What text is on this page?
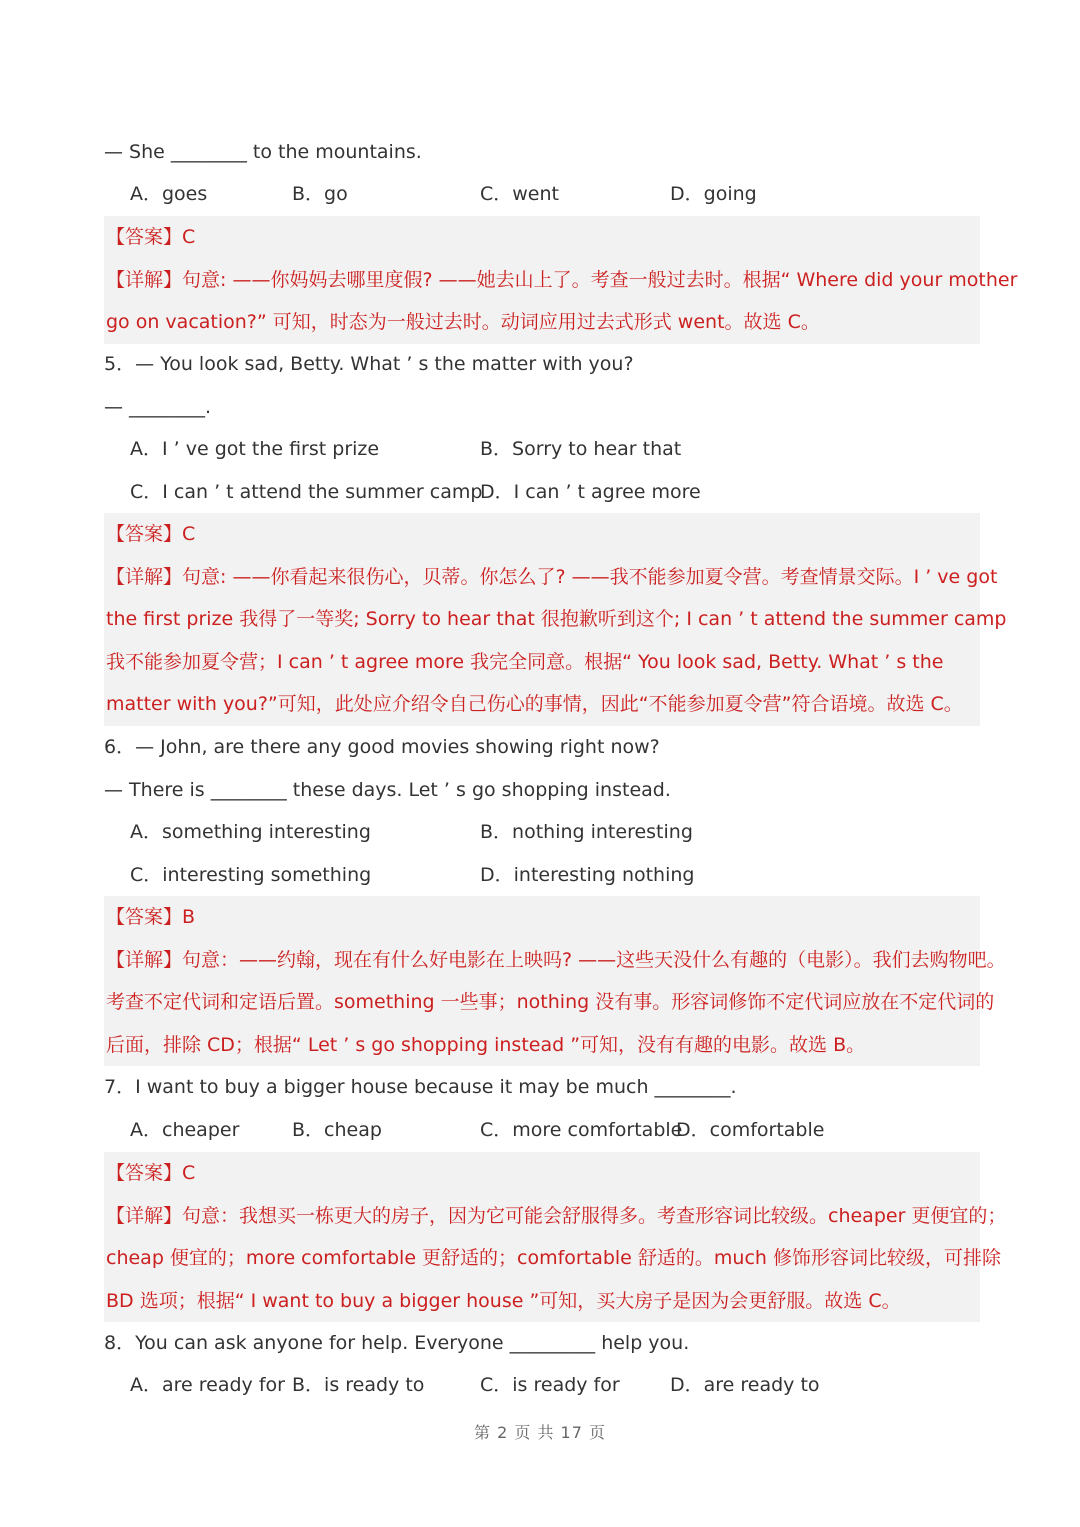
— She ________ to the mountains.
A．goes	B．go	C．went	D．going
【答案】C
【详解】句意: ——你妈妈去哪里度假? ——她去山上了。考查一般过去时。根据“ Where did your mother
go on vacation?” 可知，时态为一般过去时。动词应用过去式形式 went。故选 C。
5．— You look sad, Betty. What ’ s the matter with you?
— ________.
A．I ’ ve got the first prize	B．Sorry to hear that
C．I can ’ t attend the summer camp
D．I can ’ t agree more
【答案】C
【详解】句意: ——你看起来很伤心，贝蒂。你怎么了? ——我不能参加夏令营。考查情景交际。I ’ ve got
the first prize 我得了一等奖; Sorry to hear that 很抱歉听到这个; I can ’ t attend the summer camp
我不能参加夏令营；I can ’ t agree more 我完全同意。根据“ You look sad, Betty. What ’ s the
matter with you?”可知，此处应介绍令自己伤心的事情，因此“不能参加夏令营”符合语境。故选 C。
6．— John, are there any good movies showing right now?
— There is ________ these days. Let ’ s go shopping instead.
A．something interesting	B．nothing interesting
C．interesting something	D．interesting nothing
【答案】B
【详解】句意：——约翰，现在有什么好电影在上映吗? ——这些天没什么有趣的（电影）。我们去购物吧。
考查不定代词和定语后置。something 一些事；nothing 没有事。形容词修饰不定代词应放在不定代词的
后面，排除 CD；根据“ Let ’ s go shopping instead ”可知，没有有趣的电影。故选 B。
7．I want to buy a bigger house because it may be much ________.
A．cheaper	B．cheap	C．more comfortable
D．comfortable
【答案】C
【详解】句意：我想买一栋更大的房子，因为它可能会舒服得多。考查形容词比较级。cheaper 更便宜的；
cheap 便宜的；more comfortable 更舒适的；comfortable 舒适的。much 修饰形容词比较级，可排除
BD 选项；根据“ I want to buy a bigger house ”可知，买大房子是因为会更舒服。故选 C。
8．You can ask anyone for help. Everyone _________ help you.
A．are ready for B．is ready to	C．is ready for	D．are ready to
第 2 页 共 17 页
